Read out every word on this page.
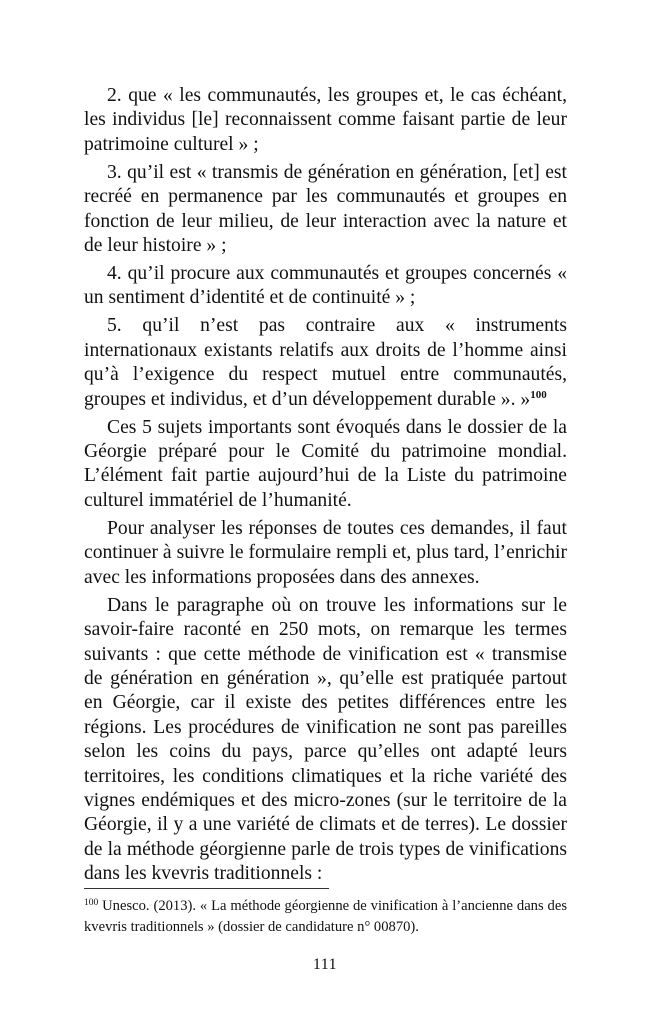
2. que « les communautés, les groupes et, le cas échéant, les individus [le] reconnaissent comme faisant partie de leur patrimoine culturel » ;

3. qu’il est « transmis de génération en génération, [et] est recréé en permanence par les communautés et groupes en fonction de leur milieu, de leur interaction avec la nature et de leur histoire » ;

4. qu’il procure aux communautés et groupes concernés « un sentiment d’identité et de continuité » ;

5. qu’il n’est pas contraire aux « instruments internationaux existants relatifs aux droits de l’homme ainsi qu’à l’exigence du respect mutuel entre communautés, groupes et individus, et d’un développement durable ». »$^{100}$

Ces 5 sujets importants sont évoqués dans le dossier de la Géorgie préparé pour le Comité du patrimoine mondial. L’élément fait partie aujourd’hui de la Liste du patrimoine culturel immatériel de l’humanité.

Pour analyser les réponses de toutes ces demandes, il faut continuer à suivre le formulaire rempli et, plus tard, l’enrichir avec les informations proposées dans des annexes.

Dans le paragraphe où on trouve les informations sur le savoir-faire raconté en 250 mots, on remarque les termes suivants : que cette méthode de vinification est « transmise de génération en génération », qu’elle est pratiquée partout en Géorgie, car il existe des petites différences entre les régions. Les procédures de vinification ne sont pas pareilles selon les coins du pays, parce qu’elles ont adapté leurs territoires, les conditions climatiques et la riche variété des vignes endémiques et des micro-zones (sur le territoire de la Géorgie, il y a une variété de climats et de terres). Le dossier de la méthode géorgienne parle de trois types de vinifications dans les kvevris traditionnels :

$^{100}$ Unesco. (2013). « La méthode géorgienne de vinification à l’ancienne dans des kvevris traditionnels » (dossier de candidature n° 00870).
111
